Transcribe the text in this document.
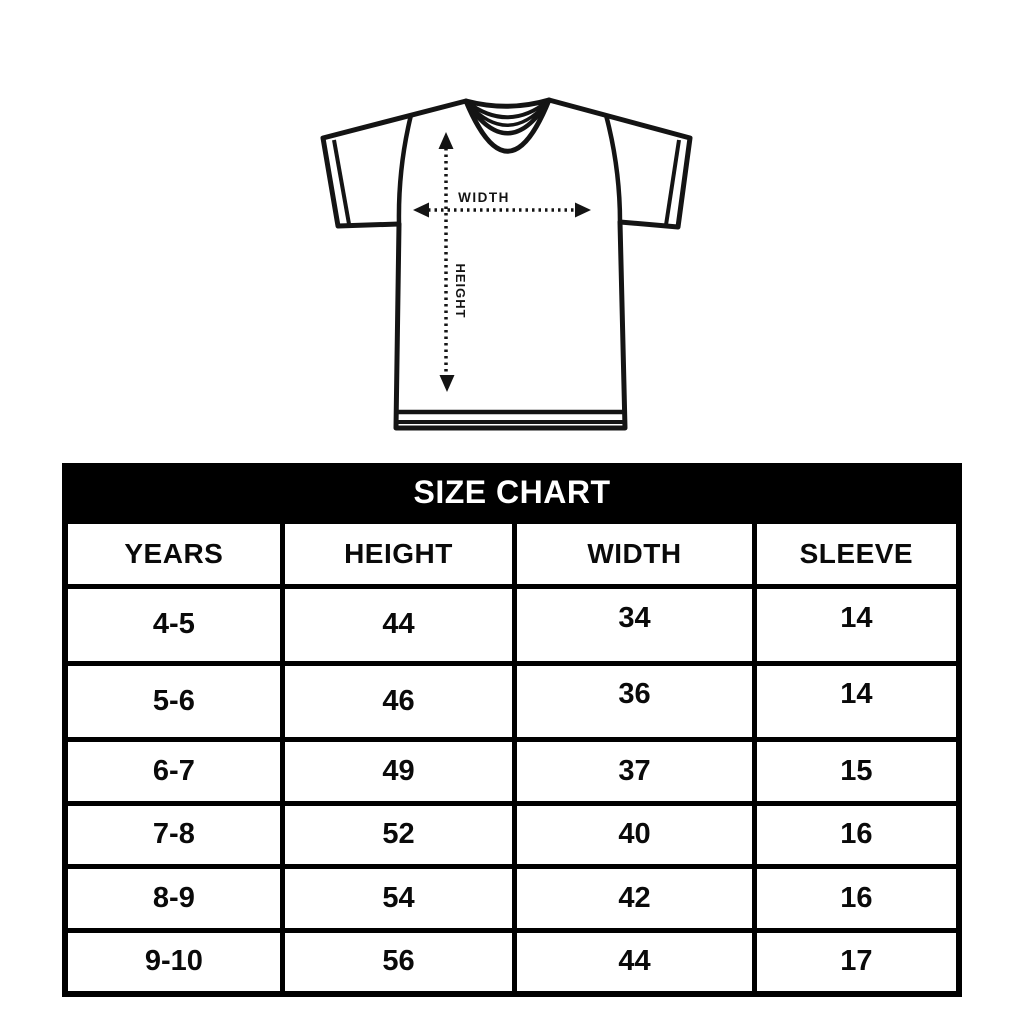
WIDTH
HEIGHT
SIZE CHART
YEARS	HEIGHT	WIDTH	SLEEVE
4-5	44	34	14
5-6	46	36	14
6-7	49	37	15
7-8	52	40	16
8-9	54	42	16
9-10	56	44	17
